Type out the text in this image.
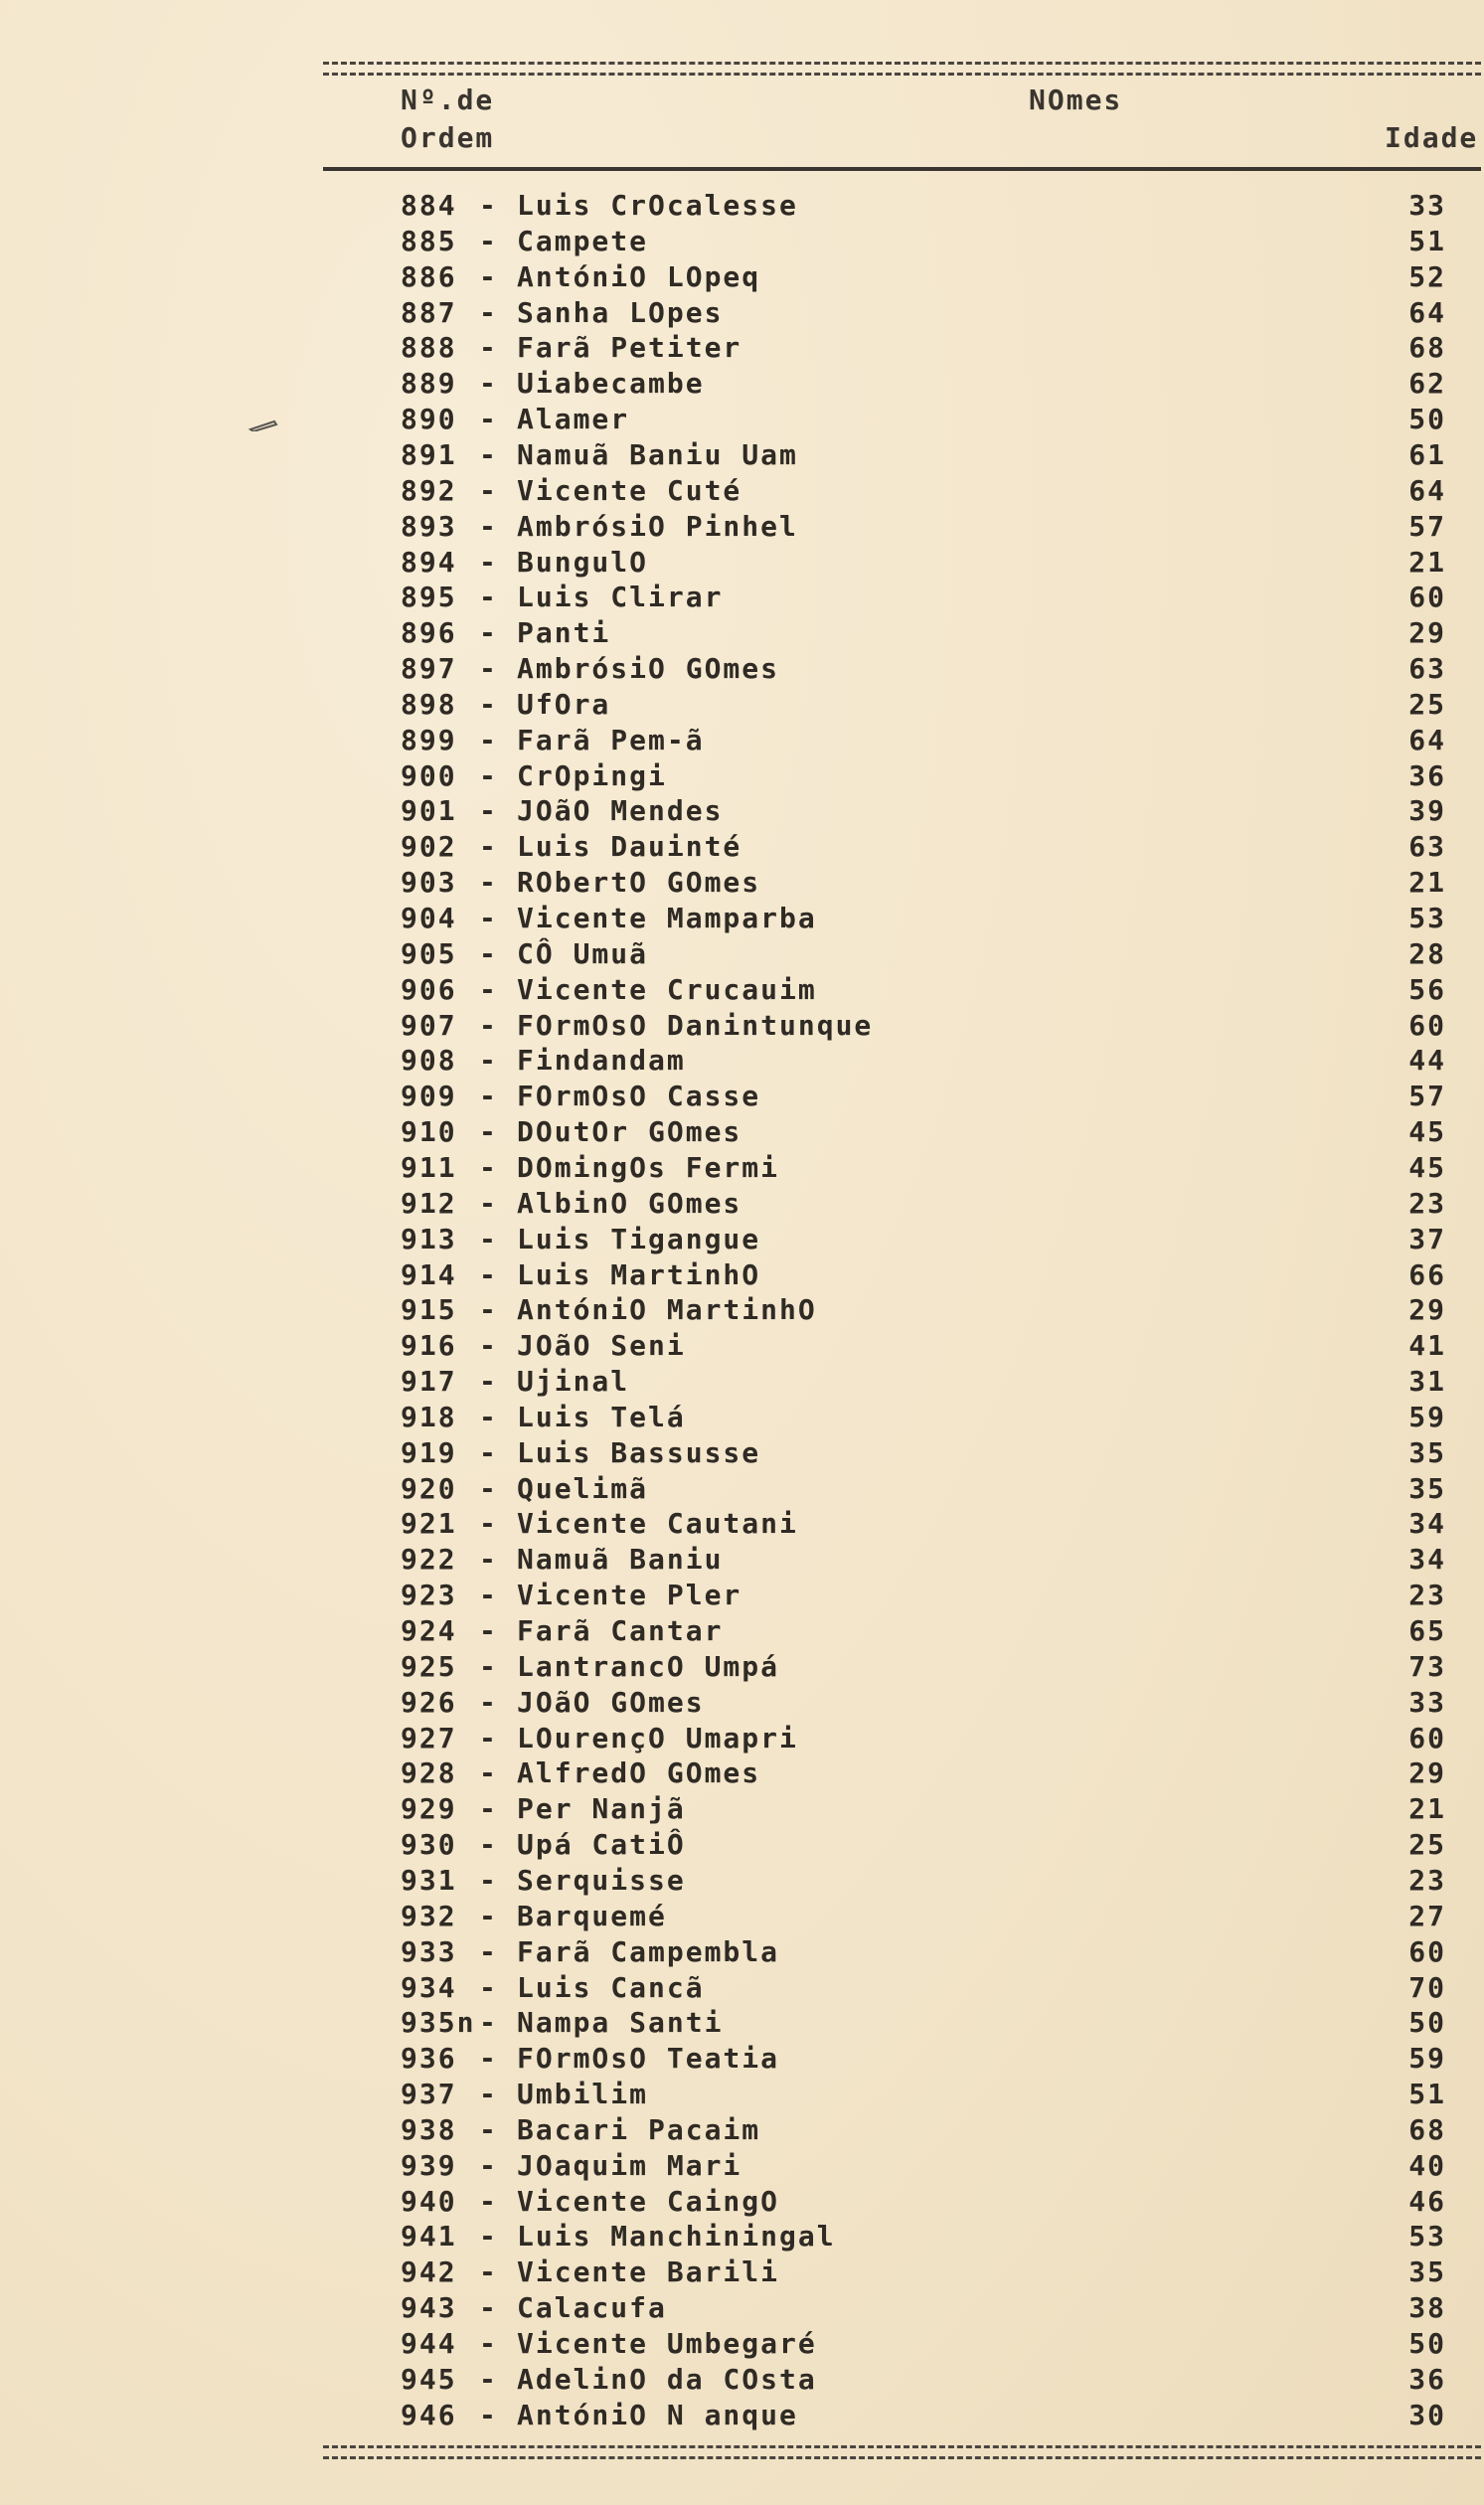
Nº.de
Ordem
NOmes
Idade
884 - Luis CrOcalesse	33
885 - Campete	51
886 - AntóniO LOpeq	52
887 - Sanha LOpes	64
888 - Farã Petiter	68
889 - Uiabecambe	62
890 - Alamer	50
891 - Namuã Baniu Uam	61
892 - Vicente Cuté	64
893 - AmbrósiO Pinhel	57
894 - BungulO	21
895 - Luis Clirar	60
896 - Panti	29
897 - AmbrósiO GOmes	63
898 - UfOra	25
899 - Farã Pem-ã	64
900 - CrOpingi	36
901 - JOãO Mendes	39
902 - Luis Dauinté	63
903 - RObertO GOmes	21
904 - Vicente Mamparba	53
905 - CÔ Umuã	28
906 - Vicente Crucauim	56
907 - FOrmOsO Danintunque	60
908 - Findandam	44
909 - FOrmOsO Casse	57
910 - DOutOr GOmes	45
911 - DOmingOs Fermi	45
912 - AlbinO GOmes	23
913 - Luis Tigangue	37
914 - Luis MartinhO	66
915 - AntóniO MartinhO	29
916 - JOãO Seni	41
917 - Ujinal	31
918 - Luis Telá	59
919 - Luis Bassusse	35
920 - Quelimã	35
921 - Vicente Cautani	34
922 - Namuã Baniu	34
923 - Vicente Pler	23
924 - Farã Cantar	65
925 - LantrancO Umpá	73
926 - JOãO GOmes	33
927 - LOurençO Umapri	60
928 - AlfredO GOmes	29
929 - Per Nanjã	21
930 - Upá CatiÔ	25
931 - Serquisse	23
932 - Barquemé	27
933 - Farã Campembla	60
934 - Luis Cancã	70
935n - Nampa Santi	50
936 - FOrmOsO Teatia	59
937 - Umbilim	51
938 - Bacari Pacaim	68
939 - JOaquim Mari	40
940 - Vicente CaingO	46
941 - Luis Manchiningal	53
942 - Vicente Barili	35
943 - Calacufa	38
944 - Vicente Umbegaré	50
945 - AdelinO da COsta	36
946 - AntóniO N anque	30
